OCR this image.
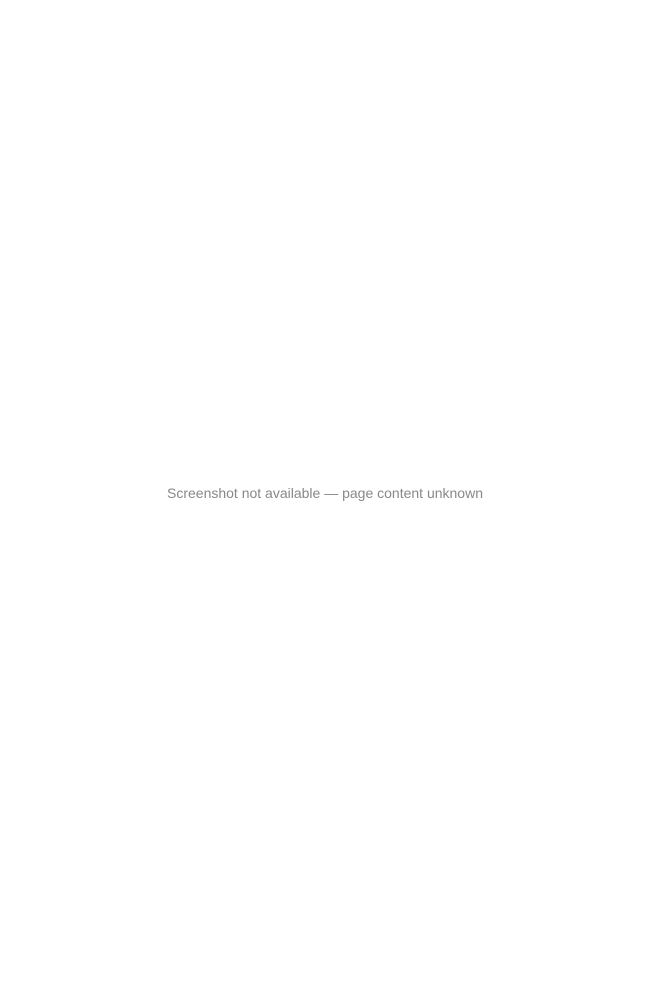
Screenshot not available — page content unknown
